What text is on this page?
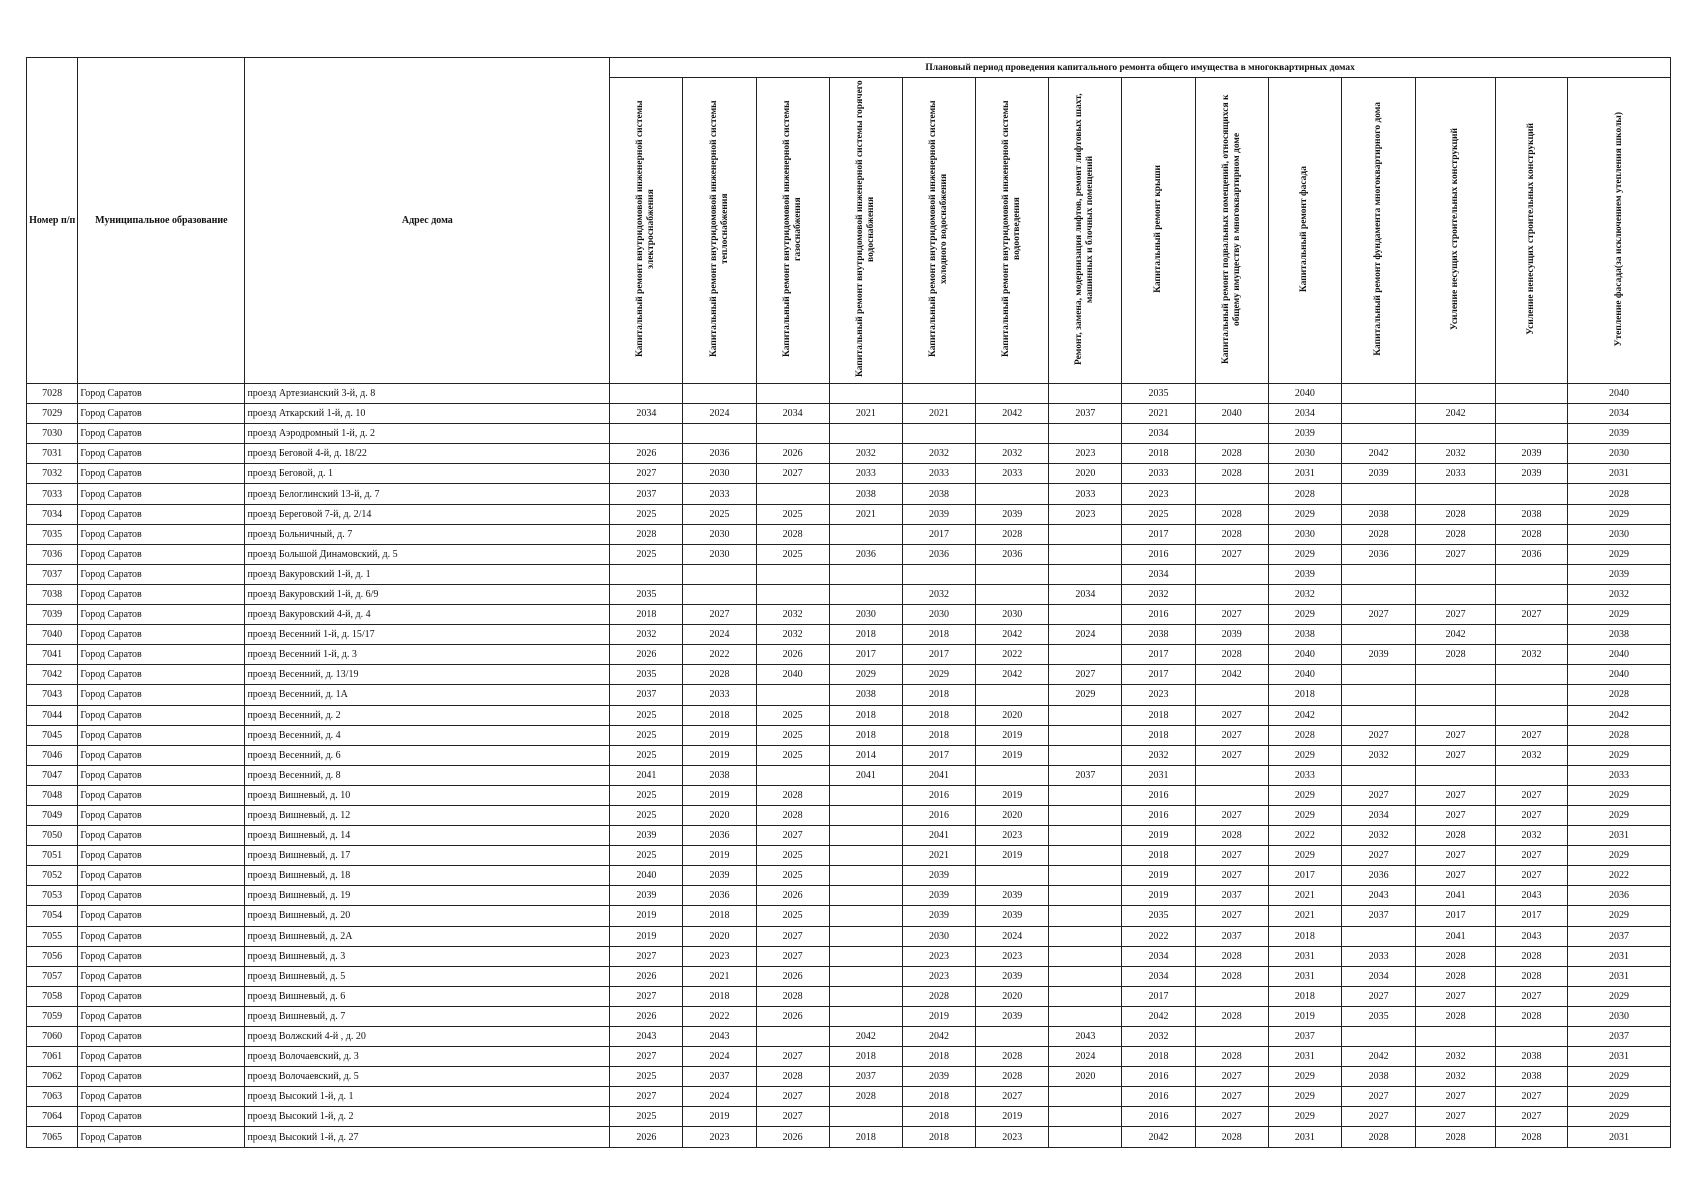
Номер п/п	Муниципальное образование	Адрес дома	Плановый период проведения капитального ремонта общего имущества в многоквартирных домах													
			Капитальный ремонт внутридомовой инженерной системы электроснабжения	Капитальный ремонт внутридомовой инженерной системы теплоснабжения	Капитальный ремонт внутридомовой инженерной системы газоснабжения	Капитальный ремонт внутридомовой инженерной системы горячего водоснабжения	Капитальный ремонт внутридомовой инженерной системы холодного водоснабжения	Капитальный ремонт внутридомовой инженерной системы водоотведения	Ремонт, замена, модернизация лифтов, ремонт лифтовых шахт, машинных и блочных помещений	Капитальный ремонт крыши	Капитальный ремонт подвальных помещений, относящихся к общему имуществу в многоквартирном доме	Капитальный ремонт фасада	Капитальный ремонт фундамента многоквартирного дома	Усиление несущих строительных конструкций	Усиление ненесущих строительных конструкций	Утепление фасада(за исключением утепления школы)
7028	Город Саратов	проезд Артезианский 3-й, д. 8								2035		2040				2040
7029	Город Саратов	проезд Аткарский 1-й, д. 10	2034	2024	2034	2021	2021	2042	2037	2021	2040	2034		2042		2034
7030	Город Саратов	проезд Аэродромный 1-й, д. 2								2034		2039				2039
7031	Город Саратов	проезд Беговой 4-й, д. 18/22	2026	2036	2026	2032	2032	2032	2023	2018	2028	2030	2042	2032	2039	2030
7032	Город Саратов	проезд Беговой, д. 1	2027	2030	2027	2033	2033	2033	2020	2033	2028	2031	2039	2033	2039	2031
7033	Город Саратов	проезд Белоглинский 13-й, д. 7	2037	2033		2038	2038		2033	2023		2028				2028
7034	Город Саратов	проезд Береговой 7-й, д. 2/14	2025	2025	2025	2021	2039	2039	2023	2025	2028	2029	2038	2028	2038	2029
7035	Город Саратов	проезд Больничный, д. 7	2028	2030	2028		2017	2028		2017	2028	2030	2028	2028	2028	2030
7036	Город Саратов	проезд Большой Динамовский, д. 5	2025	2030	2025	2036	2036	2036		2016	2027	2029	2036	2027	2036	2029
7037	Город Саратов	проезд Вакуровский 1-й, д. 1								2034		2039				2039
7038	Город Саратов	проезд Вакуровский 1-й, д. 6/9	2035				2032		2034	2032		2032				2032
7039	Город Саратов	проезд Вакуровский 4-й, д. 4	2018	2027	2032	2030	2030	2030		2016	2027	2029	2027	2027	2027	2029
7040	Город Саратов	проезд Весенний 1-й, д. 15/17	2032	2024	2032	2018	2018	2042	2024	2038	2039	2038		2042		2038
7041	Город Саратов	проезд Весенний 1-й, д. 3	2026	2022	2026	2017	2017	2022		2017	2028	2040	2039	2028	2032	2040
7042	Город Саратов	проезд Весенний, д. 13/19	2035	2028	2040	2029	2029	2042	2027	2017	2042	2040				2040
7043	Город Саратов	проезд Весенний, д. 1А	2037	2033		2038	2018		2029	2023		2018				2028
7044	Город Саратов	проезд Весенний, д. 2	2025	2018	2025	2018	2018	2020		2018	2027	2042				2042
7045	Город Саратов	проезд Весенний, д. 4	2025	2019	2025	2018	2018	2019		2018	2027	2028	2027	2027	2027	2028
7046	Город Саратов	проезд Весенний, д. 6	2025	2019	2025	2014	2017	2019		2032	2027	2029	2032	2027	2032	2029
7047	Город Саратов	проезд Весенний, д. 8	2041	2038		2041	2041		2037	2031		2033				2033
7048	Город Саратов	проезд Вишневый, д. 10	2025	2019	2028		2016	2019		2016		2029	2027	2027	2027	2029
7049	Город Саратов	проезд Вишневый, д. 12	2025	2020	2028		2016	2020		2016	2027	2029	2034	2027	2027	2029
7050	Город Саратов	проезд Вишневый, д. 14	2039	2036	2027		2041	2023		2019	2028	2022	2032	2028	2032	2031
7051	Город Саратов	проезд Вишневый, д. 17	2025	2019	2025		2021	2019		2018	2027	2029	2027	2027	2027	2029
7052	Город Саратов	проезд Вишневый, д. 18	2040	2039	2025		2039			2019	2027	2017	2036	2027	2027	2022
7053	Город Саратов	проезд Вишневый, д. 19	2039	2036	2026		2039	2039		2019	2037	2021	2043	2041	2043	2036
7054	Город Саратов	проезд Вишневый, д. 20	2019	2018	2025		2039	2039		2035	2027	2021	2037	2017	2017	2029
7055	Город Саратов	проезд Вишневый, д. 2А	2019	2020	2027		2030	2024		2022	2037	2018		2041	2043	2037
7056	Город Саратов	проезд Вишневый, д. 3	2027	2023	2027		2023	2023		2034	2028	2031	2033	2028	2028	2031
7057	Город Саратов	проезд Вишневый, д. 5	2026	2021	2026		2023	2039		2034	2028	2031	2034	2028	2028	2031
7058	Город Саратов	проезд Вишневый, д. 6	2027	2018	2028		2028	2020		2017		2018	2027	2027	2027	2029
7059	Город Саратов	проезд Вишневый, д. 7	2026	2022	2026		2019	2039		2042	2028	2019	2035	2028	2028	2030
7060	Город Саратов	проезд Волжский 4-й , д. 20	2043	2043		2042	2042		2043	2032		2037				2037
7061	Город Саратов	проезд Волочаевский, д. 3	2027	2024	2027	2018	2018	2028	2024	2018	2028	2031	2042	2032	2038	2031
7062	Город Саратов	проезд Волочаевский, д. 5	2025	2037	2028	2037	2039	2028	2020	2016	2027	2029	2038	2032	2038	2029
7063	Город Саратов	проезд Высокий 1-й, д. 1	2027	2024	2027	2028	2018	2027		2016	2027	2029	2027	2027	2027	2029
7064	Город Саратов	проезд Высокий 1-й, д. 2	2025	2019	2027		2018	2019		2016	2027	2029	2027	2027	2027	2029
7065	Город Саратов	проезд Высокий 1-й, д. 27	2026	2023	2026	2018	2018	2023		2042	2028	2031	2028	2028	2028	2031
